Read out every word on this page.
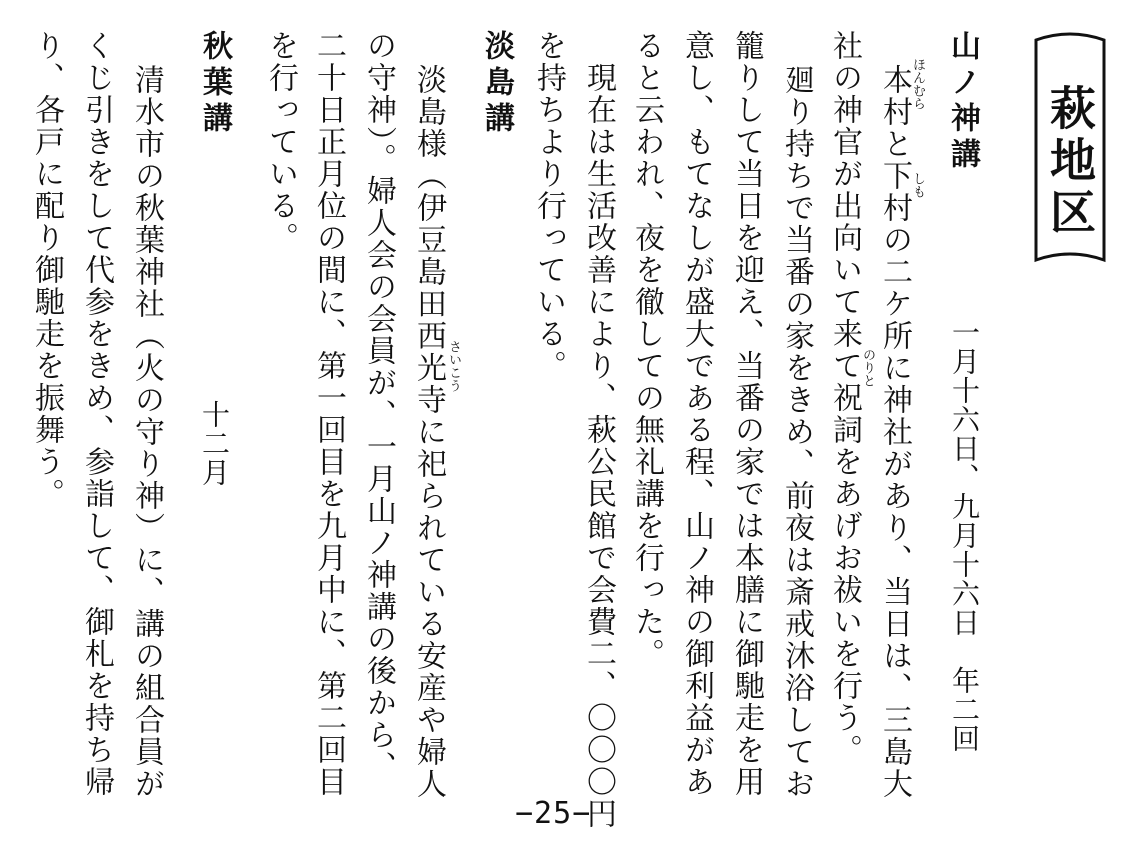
萩地区
山ノ神講
一月十六日、九月十六日　年二回
本村と下村の二ケ所に神社があり、当日は、三島大
社の神官が出向いて来て祝詞をあげお祓いを行う。
廻り持ちで当番の家をきめ、前夜は斎戒沐浴してお
籠りして当日を迎え、当番の家では本膳に御馳走を用
意し、もてなしが盛大である程、山ノ神の御利益があ
ると云われ、夜を徹しての無礼講を行った。
　現在は生活改善により、萩公民館で会費二、〇〇〇円
を持ちより行っている。	ほんむら
しも
のりと
淡島講
淡島様（伊豆島田西光寺に祀られている安産や婦人
の守神）。婦人会の会員が、一月山ノ神講の後から、
二十日正月位の間に、第一回目を九月中に、第二回目
を行っている。
さいこう
秋葉講
十二月
清水市の秋葉神社（火の守り神）に、講の組合員が
くじ引きをして代参をきめ、参詣して、御札を持ち帰
り、各戸に配り御馳走を振舞う。
−25−
